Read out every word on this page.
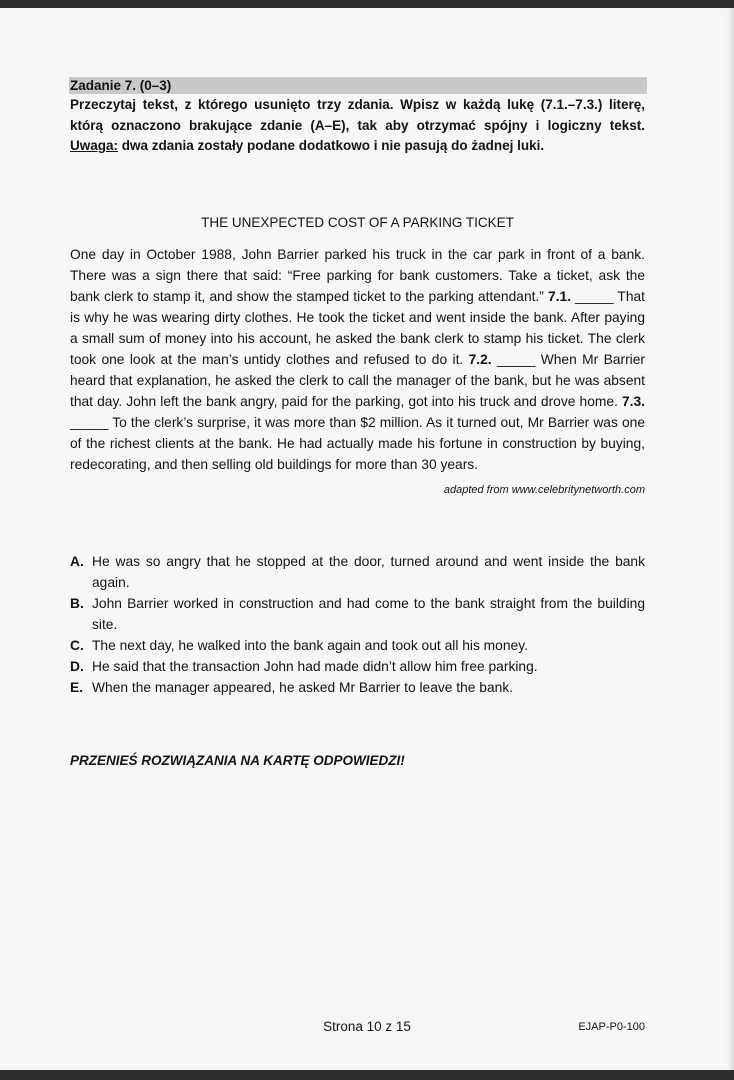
Zadanie 7. (0–3)
Przeczytaj tekst, z którego usunięto trzy zdania. Wpisz w każdą lukę (7.1.–7.3.) literę, którą oznaczono brakujące zdanie (A–E), tak aby otrzymać spójny i logiczny tekst. Uwaga: dwa zdania zostały podane dodatkowo i nie pasują do żadnej luki.
THE UNEXPECTED COST OF A PARKING TICKET
One day in October 1988, John Barrier parked his truck in the car park in front of a bank. There was a sign there that said: “Free parking for bank customers. Take a ticket, ask the bank clerk to stamp it, and show the stamped ticket to the parking attendant.” 7.1. _____ That is why he was wearing dirty clothes. He took the ticket and went inside the bank. After paying a small sum of money into his account, he asked the bank clerk to stamp his ticket. The clerk took one look at the man’s untidy clothes and refused to do it. 7.2. _____ When Mr Barrier heard that explanation, he asked the clerk to call the manager of the bank, but he was absent that day. John left the bank angry, paid for the parking, got into his truck and drove home. 7.3. _____ To the clerk’s surprise, it was more than $2 million. As it turned out, Mr Barrier was one of the richest clients at the bank. He had actually made his fortune in construction by buying, redecorating, and then selling old buildings for more than 30 years.
adapted from www.celebritynetworth.com
A. He was so angry that he stopped at the door, turned around and went inside the bank again.
B. John Barrier worked in construction and had come to the bank straight from the building site.
C. The next day, he walked into the bank again and took out all his money.
D. He said that the transaction John had made didn’t allow him free parking.
E. When the manager appeared, he asked Mr Barrier to leave the bank.
PRZENIEŚ ROZWIĄZANIA NA KARTĘ ODPOWIEDZI!
Strona 10 z 15	EJAP-P0-100
